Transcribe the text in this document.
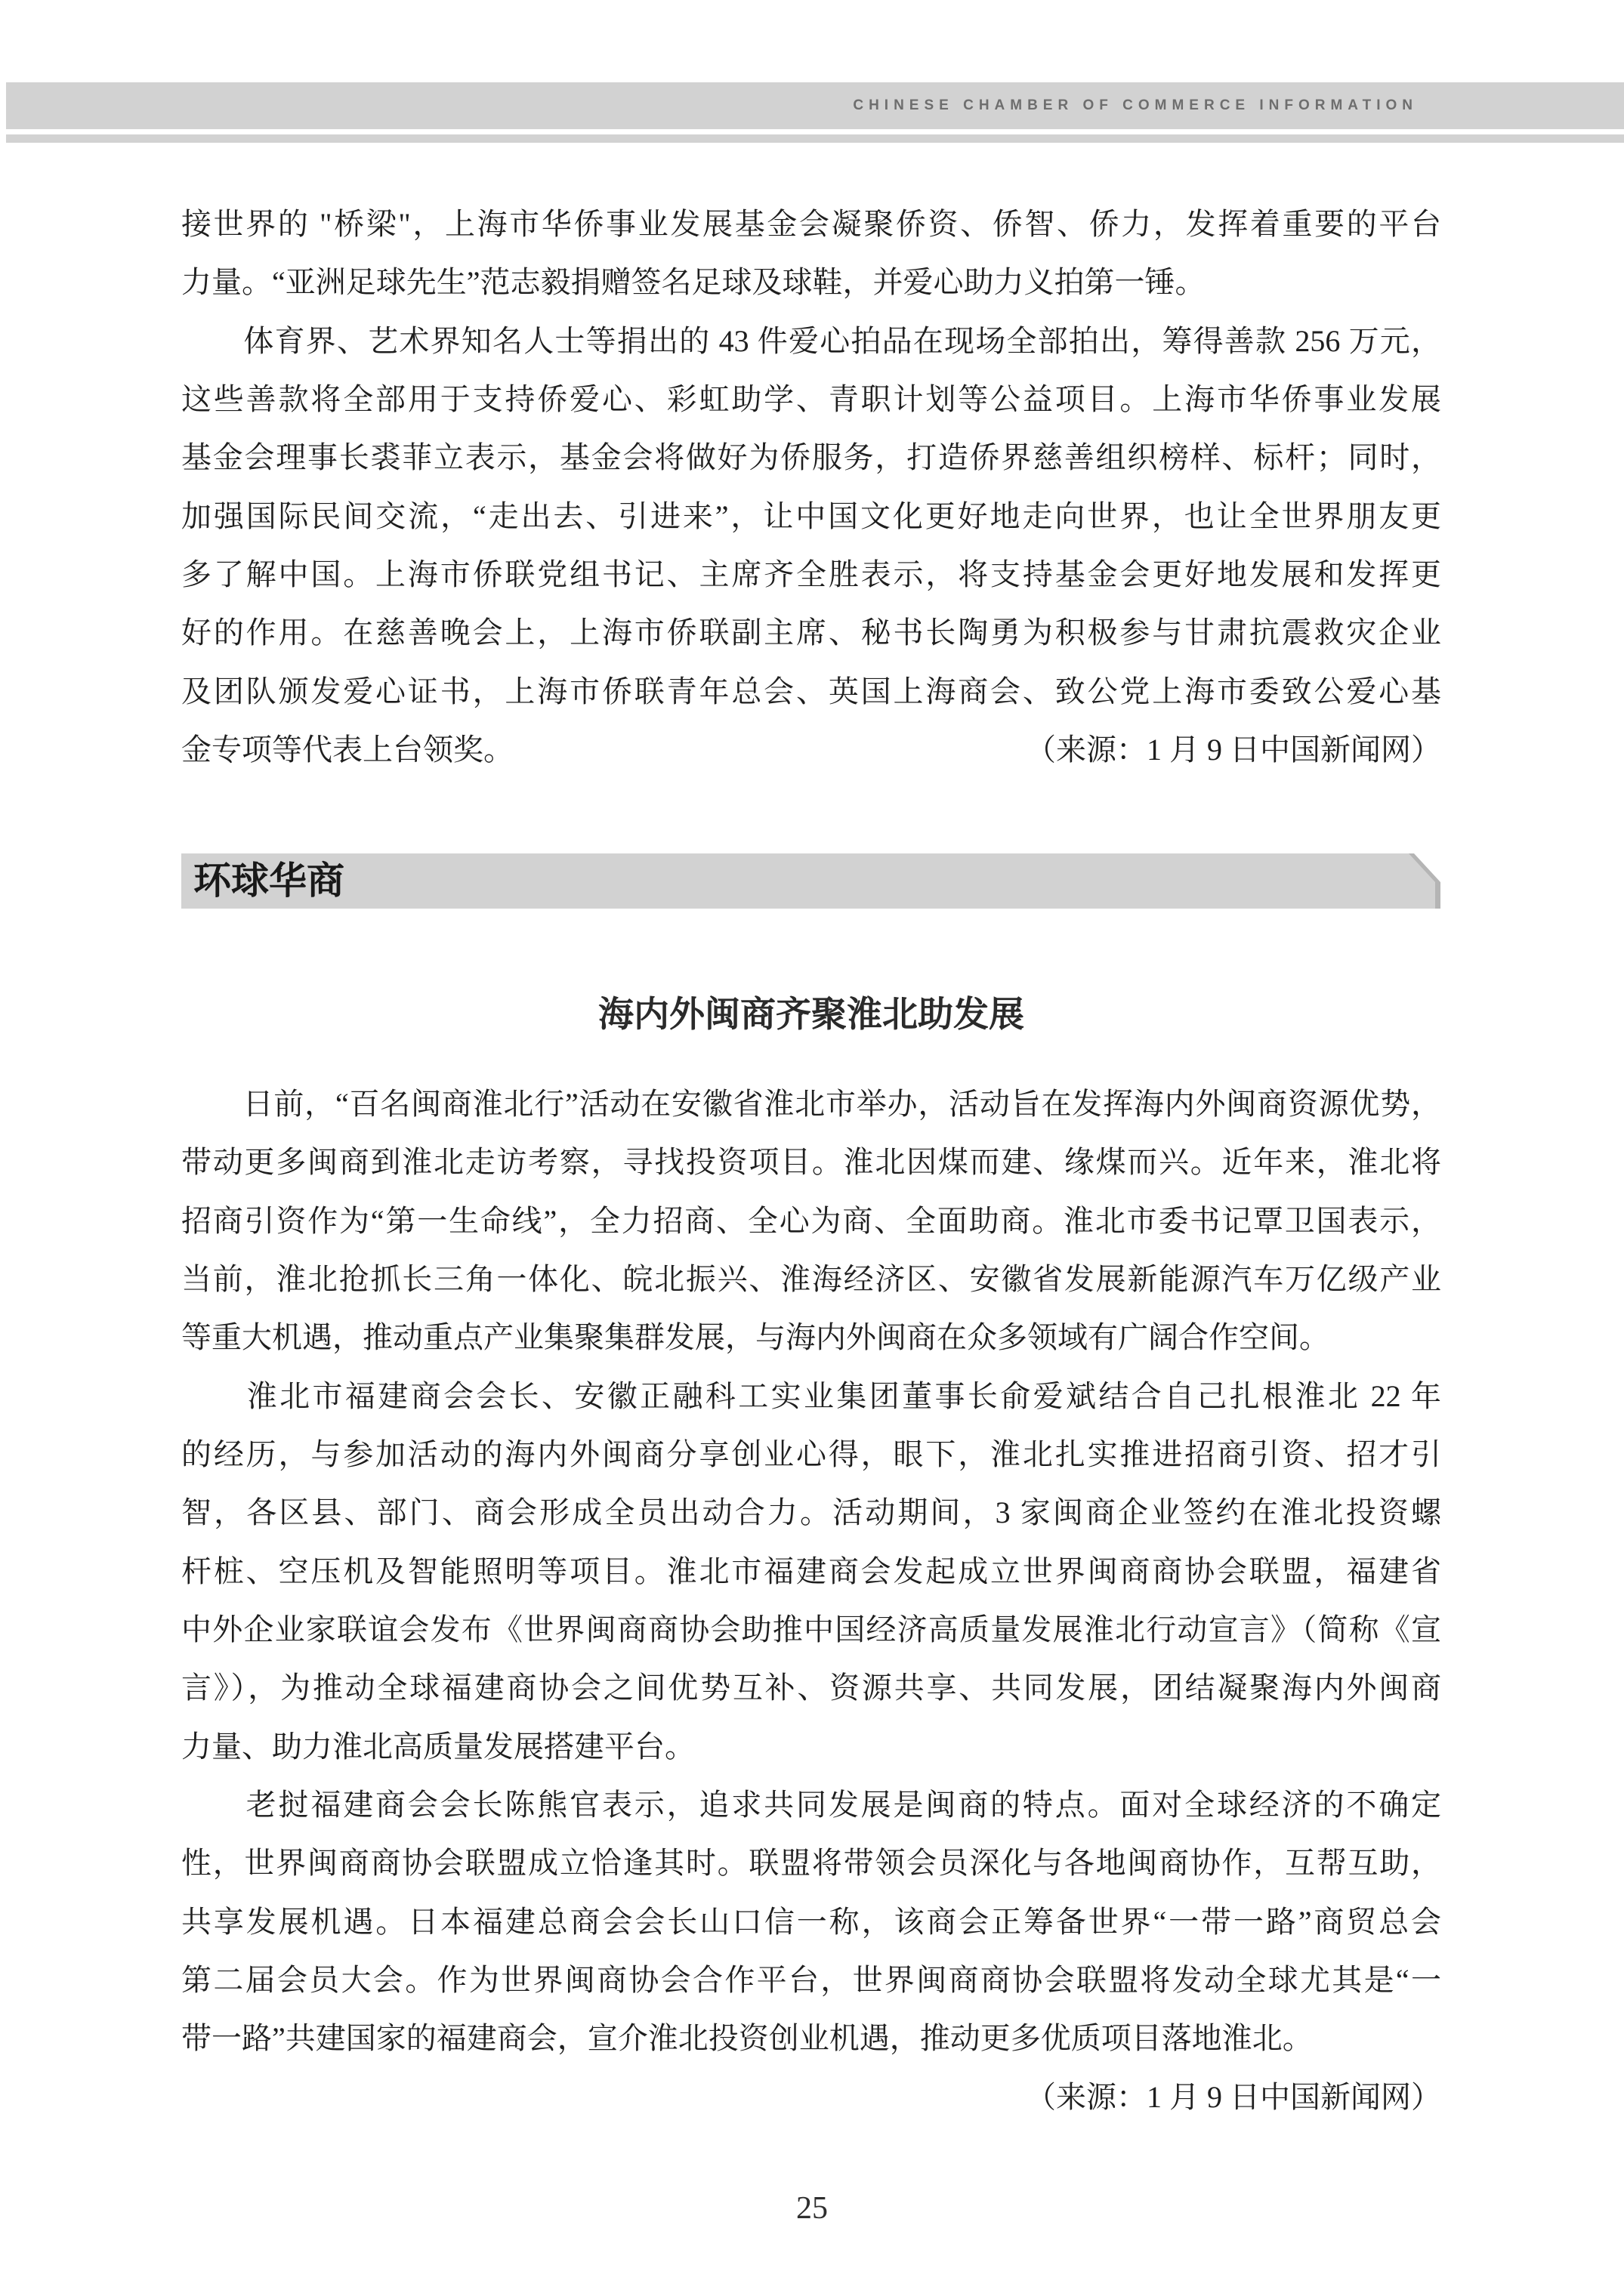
CHINESE CHAMBER OF COMMERCE INFORMATION
接世界的 "桥梁"，上海市华侨事业发展基金会凝聚侨资、侨智、侨力，发挥着重要的平台
力量。“亚洲足球先生”范志毅捐赠签名足球及球鞋，并爱心助力义拍第一锤。
　　体育界、艺术界知名人士等捐出的 43 件爱心拍品在现场全部拍出，筹得善款 256 万元，
这些善款将全部用于支持侨爱心、彩虹助学、青职计划等公益项目。上海市华侨事业发展
基金会理事长裘菲立表示，基金会将做好为侨服务，打造侨界慈善组织榜样、标杆；同时，
加强国际民间交流，“走出去、引进来”，让中国文化更好地走向世界，也让全世界朋友更
多了解中国。上海市侨联党组书记、主席齐全胜表示，将支持基金会更好地发展和发挥更
好的作用。在慈善晚会上，上海市侨联副主席、秘书长陶勇为积极参与甘肃抗震救灾企业
及团队颁发爱心证书，上海市侨联青年总会、英国上海商会、致公党上海市委致公爱心基
金专项等代表上台领奖。	（来源：1 月 9 日中国新闻网）
环球华商
海内外闽商齐聚淮北助发展
　　日前，“百名闽商淮北行”活动在安徽省淮北市举办，活动旨在发挥海内外闽商资源优势，
带动更多闽商到淮北走访考察，寻找投资项目。淮北因煤而建、缘煤而兴。近年来，淮北将
招商引资作为“第一生命线”，全力招商、全心为商、全面助商。淮北市委书记覃卫国表示，
当前，淮北抢抓长三角一体化、皖北振兴、淮海经济区、安徽省发展新能源汽车万亿级产业
等重大机遇，推动重点产业集聚集群发展，与海内外闽商在众多领域有广阔合作空间。
　　淮北市福建商会会长、安徽正融科工实业集团董事长俞爱斌结合自己扎根淮北 22 年
的经历，与参加活动的海内外闽商分享创业心得，眼下，淮北扎实推进招商引资、招才引
智，各区县、部门、商会形成全员出动合力。活动期间，3 家闽商企业签约在淮北投资螺
杆桩、空压机及智能照明等项目。淮北市福建商会发起成立世界闽商商协会联盟，福建省
中外企业家联谊会发布《世界闽商商协会助推中国经济高质量发展淮北行动宣言》（简称《宣
言》），为推动全球福建商协会之间优势互补、资源共享、共同发展，团结凝聚海内外闽商
力量、助力淮北高质量发展搭建平台。
　　老挝福建商会会长陈熊官表示，追求共同发展是闽商的特点。面对全球经济的不确定
性，世界闽商商协会联盟成立恰逢其时。联盟将带领会员深化与各地闽商协作，互帮互助，
共享发展机遇。日本福建总商会会长山口信一称，该商会正筹备世界“一带一路”商贸总会
第二届会员大会。作为世界闽商协会合作平台，世界闽商商协会联盟将发动全球尤其是“一
带一路”共建国家的福建商会，宣介淮北投资创业机遇，推动更多优质项目落地淮北。
（来源：1 月 9 日中国新闻网）
25
